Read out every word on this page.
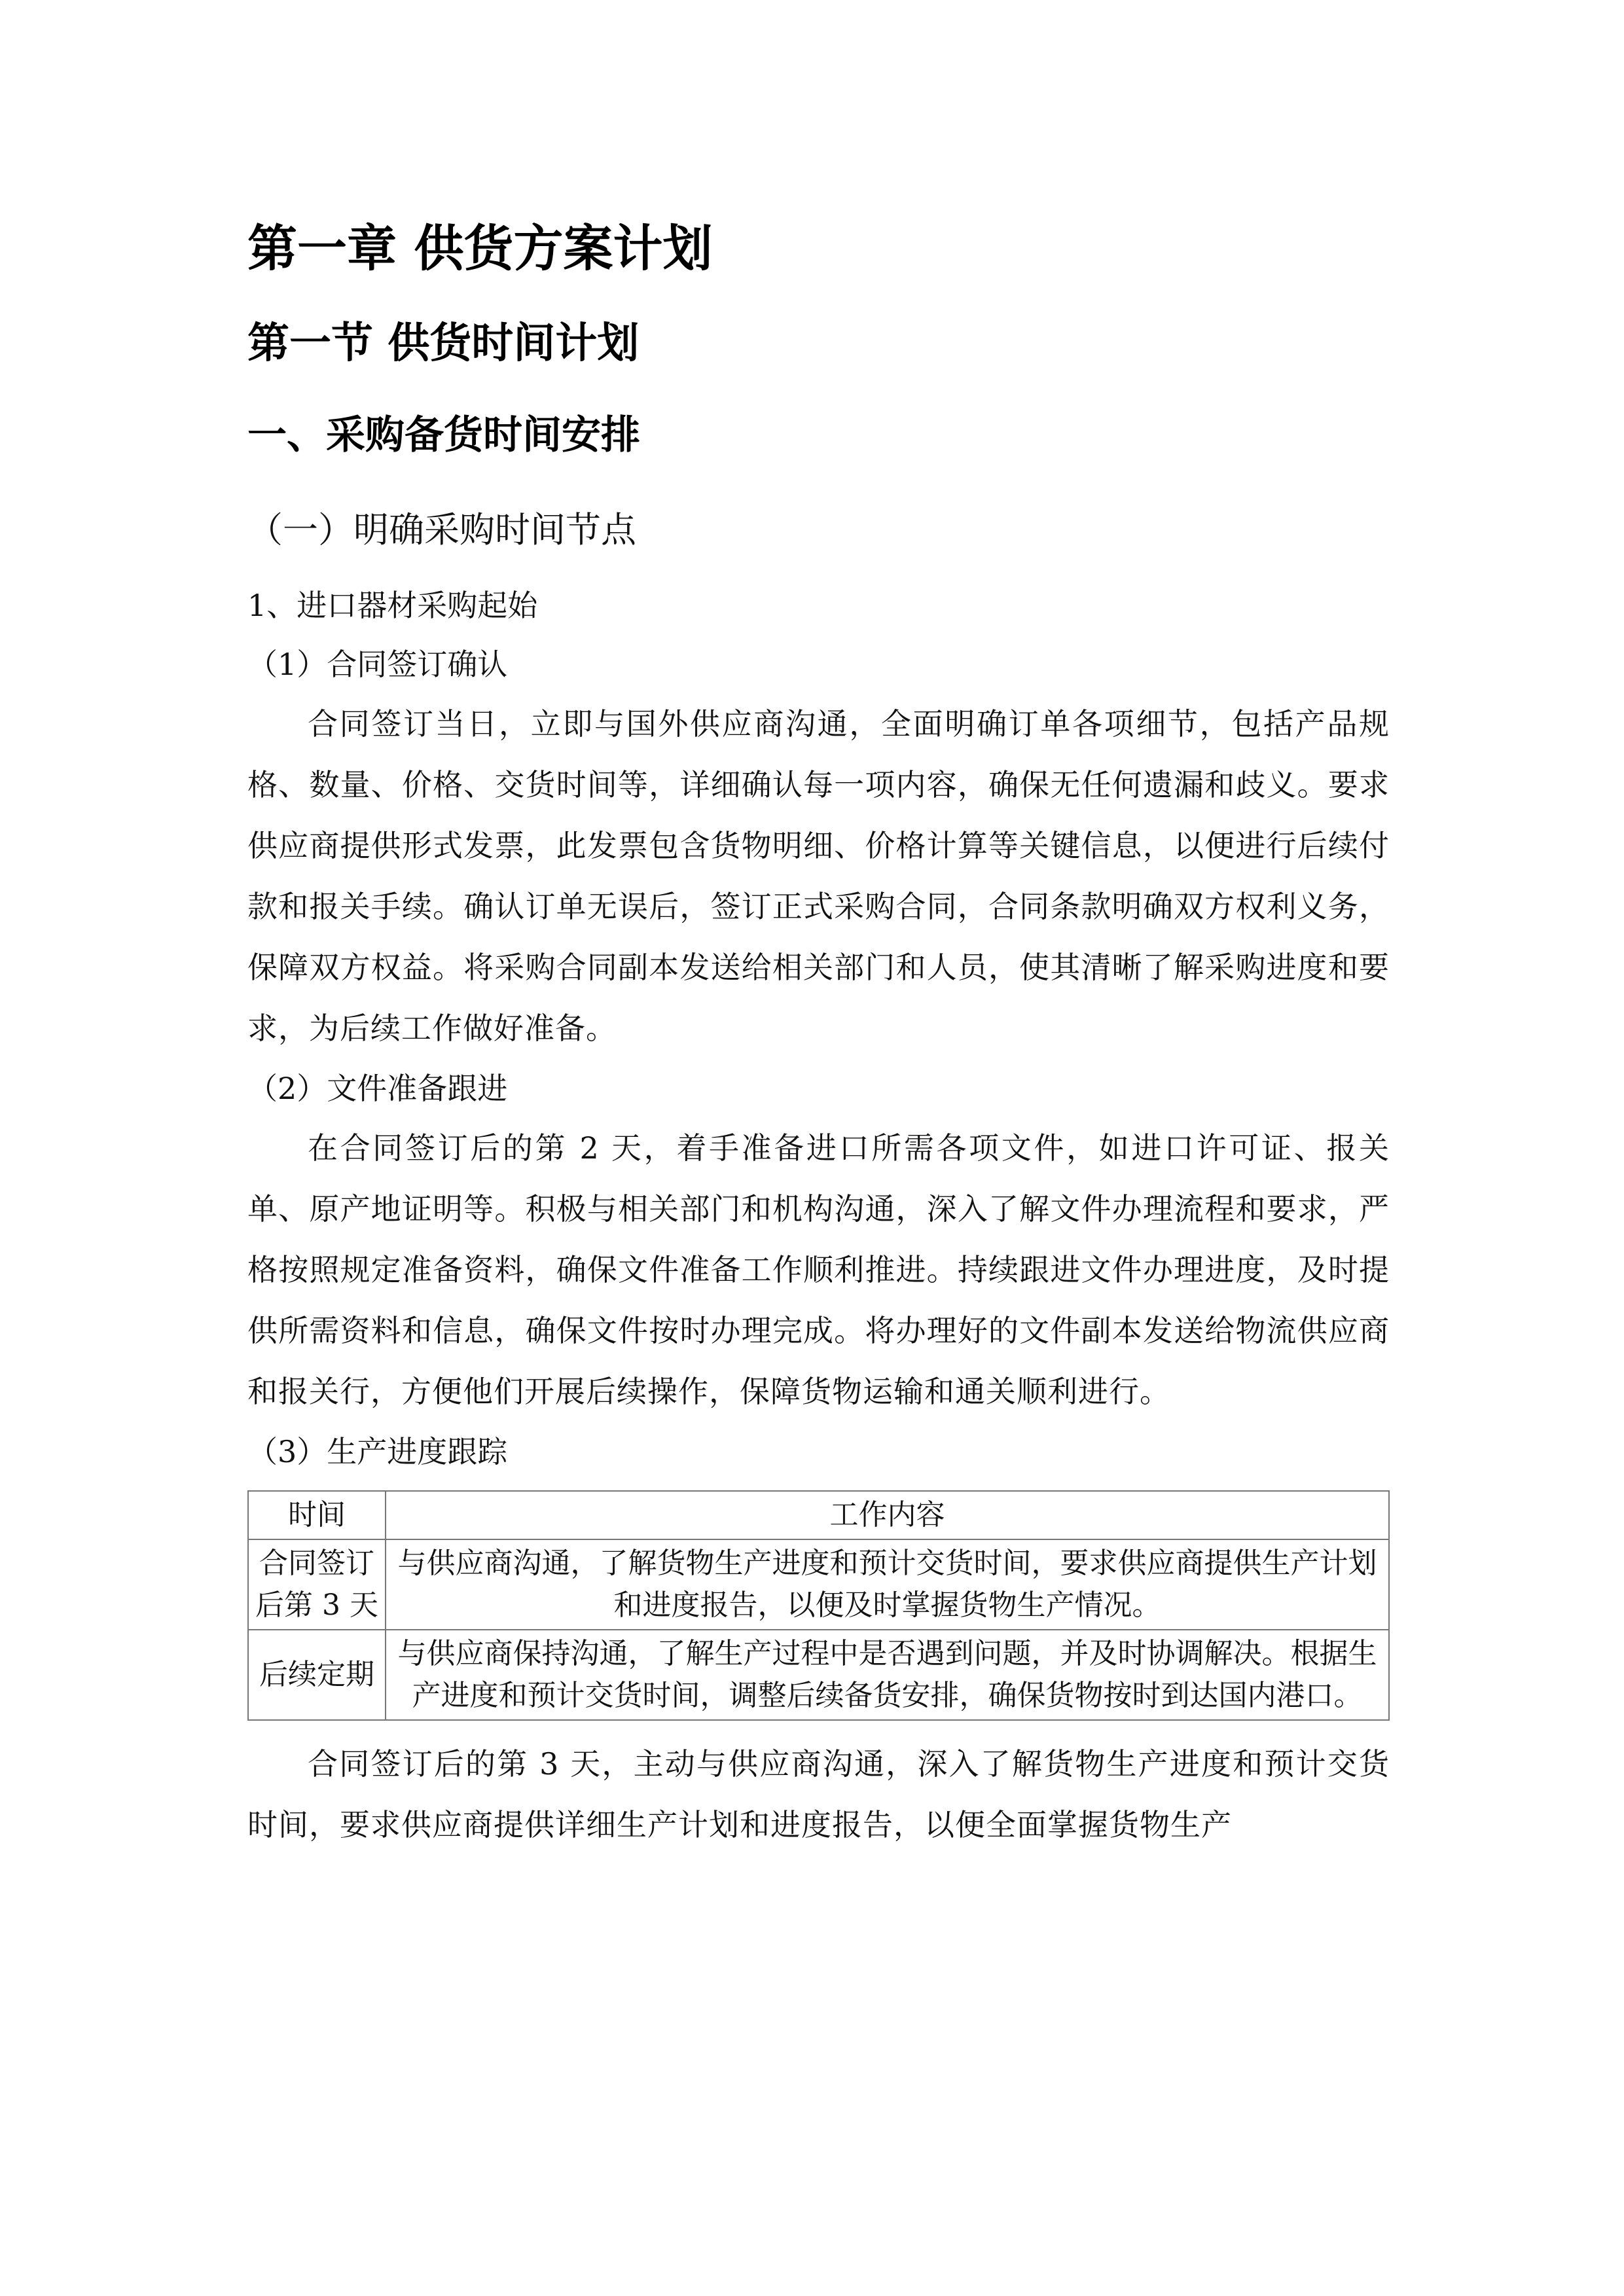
第一章 供货方案计划
第一节 供货时间计划
一、采购备货时间安排

（一）明确采购时间节点

1、进口器材采购起始

（1）合同签订确认

合同签订当日，立即与国外供应商沟通，全面明确订单各项细节，包括产品规格、数量、价格、交货时间等，详细确认每一项内容，确保无任何遗漏和歧义。要求供应商提供形式发票，此发票包含货物明细、价格计算等关键信息，以便进行后续付款和报关手续。确认订单无误后，签订正式采购合同，合同条款明确双方权利义务，保障双方权益。将采购合同副本发送给相关部门和人员，使其清晰了解采购进度和要求，为后续工作做好准备。

（2）文件准备跟进

在合同签订后的第 2 天，着手准备进口所需各项文件，如进口许可证、报关单、原产地证明等。积极与相关部门和机构沟通，深入了解文件办理流程和要求，严格按照规定准备资料，确保文件准备工作顺利推进。持续跟进文件办理进度，及时提供所需资料和信息，确保文件按时办理完成。将办理好的文件副本发送给物流供应商和报关行，方便他们开展后续操作，保障货物运输和通关顺利进行。

（3）生产进度跟踪

时间	工作内容
合同签订后第 3 天	与供应商沟通，了解货物生产进度和预计交货时间，要求供应商提供生产计划和进度报告，以便及时掌握货物生产情况。
后续定期	与供应商保持沟通，了解生产过程中是否遇到问题，并及时协调解决。根据生产进度和预计交货时间，调整后续备货安排，确保货物按时到达国内港口。

合同签订后的第 3 天，主动与供应商沟通，深入了解货物生产进度和预计交货时间，要求供应商提供详细生产计划和进度报告，以便全面掌握货物生产
